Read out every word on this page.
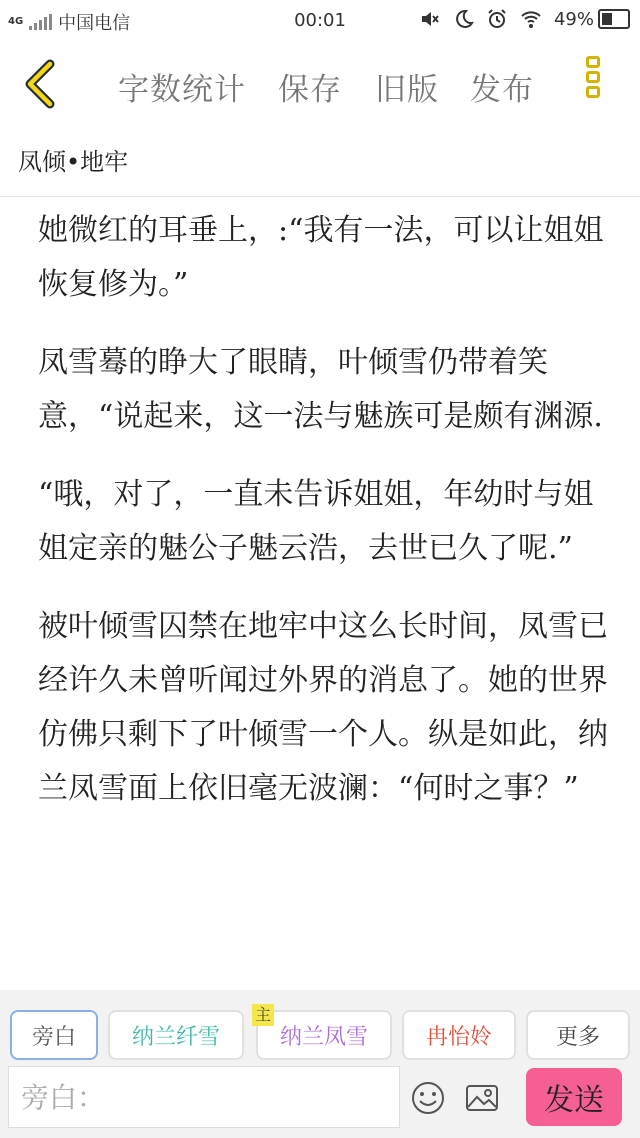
4G 中国电信	00:01	49%
字数统计 保存 旧版 发布
凤倾•地牢

她微红的耳垂上，:“我有一法，可以让姐姐恢复修为。”

凤雪蓦的睁大了眼睛，叶倾雪仍带着笑意，“说起来，这一法与魅族可是颇有渊源.

“哦，对了，一直未告诉姐姐，年幼时与姐姐定亲的魅公子魅云浩，去世已久了呢.”

被叶倾雪囚禁在地牢中这么长时间，凤雪已经许久未曾听闻过外界的消息了。她的世界仿佛只剩下了叶倾雪一个人。纵是如此，纳兰凤雪面上依旧毫无波澜：“何时之事？”

旁白	纳兰纤雪
主
纳兰凤雪	冉怡姈	更多
旁白：
发送
